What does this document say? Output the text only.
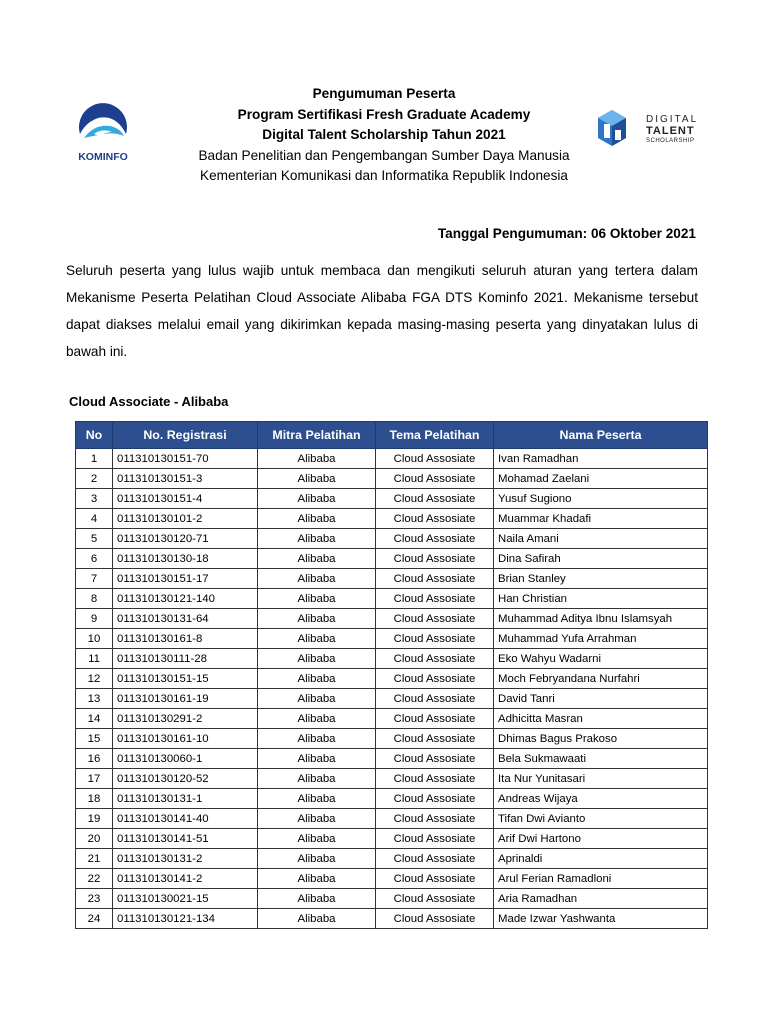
KOMINFO
DIGITAL
TALENT
SCHOLARSHIP
Pengumuman Peserta
Program Sertifikasi Fresh Graduate Academy
Digital Talent Scholarship Tahun 2021
Badan Penelitian dan Pengembangan Sumber Daya Manusia
Kementerian Komunikasi dan Informatika Republik Indonesia
Tanggal Pengumuman: 06 Oktober 2021
Seluruh peserta yang lulus wajib untuk membaca dan mengikuti seluruh aturan yang tertera dalam Mekanisme Peserta Pelatihan Cloud Associate Alibaba FGA DTS Kominfo 2021. Mekanisme tersebut dapat diakses melalui email yang dikirimkan kepada masing-masing peserta yang dinyatakan lulus di bawah ini.
Cloud Associate - Alibaba
No	No. Registrasi	Mitra Pelatihan	Tema Pelatihan	Nama Peserta
1	011310130151-70	Alibaba	Cloud Assosiate	Ivan Ramadhan
2	011310130151-3	Alibaba	Cloud Assosiate	Mohamad Zaelani
3	011310130151-4	Alibaba	Cloud Assosiate	Yusuf Sugiono
4	011310130101-2	Alibaba	Cloud Assosiate	Muammar Khadafi
5	011310130120-71	Alibaba	Cloud Assosiate	Naila Amani
6	011310130130-18	Alibaba	Cloud Assosiate	Dina Safirah
7	011310130151-17	Alibaba	Cloud Assosiate	Brian Stanley
8	011310130121-140	Alibaba	Cloud Assosiate	Han Christian
9	011310130131-64	Alibaba	Cloud Assosiate	Muhammad Aditya Ibnu Islamsyah
10	011310130161-8	Alibaba	Cloud Assosiate	Muhammad Yufa Arrahman
11	011310130111-28	Alibaba	Cloud Assosiate	Eko Wahyu Wadarni
12	011310130151-15	Alibaba	Cloud Assosiate	Moch Febryandana Nurfahri
13	011310130161-19	Alibaba	Cloud Assosiate	David Tanri
14	011310130291-2	Alibaba	Cloud Assosiate	Adhicitta Masran
15	011310130161-10	Alibaba	Cloud Assosiate	Dhimas Bagus Prakoso
16	011310130060-1	Alibaba	Cloud Assosiate	Bela Sukmawaati
17	011310130120-52	Alibaba	Cloud Assosiate	Ita Nur Yunitasari
18	011310130131-1	Alibaba	Cloud Assosiate	Andreas Wijaya
19	011310130141-40	Alibaba	Cloud Assosiate	Tifan Dwi Avianto
20	011310130141-51	Alibaba	Cloud Assosiate	Arif Dwi Hartono
21	011310130131-2	Alibaba	Cloud Assosiate	Aprinaldi
22	011310130141-2	Alibaba	Cloud Assosiate	Arul Ferian Ramadloni
23	011310130021-15	Alibaba	Cloud Assosiate	Aria Ramadhan
24	011310130121-134	Alibaba	Cloud Assosiate	Made Izwar Yashwanta
